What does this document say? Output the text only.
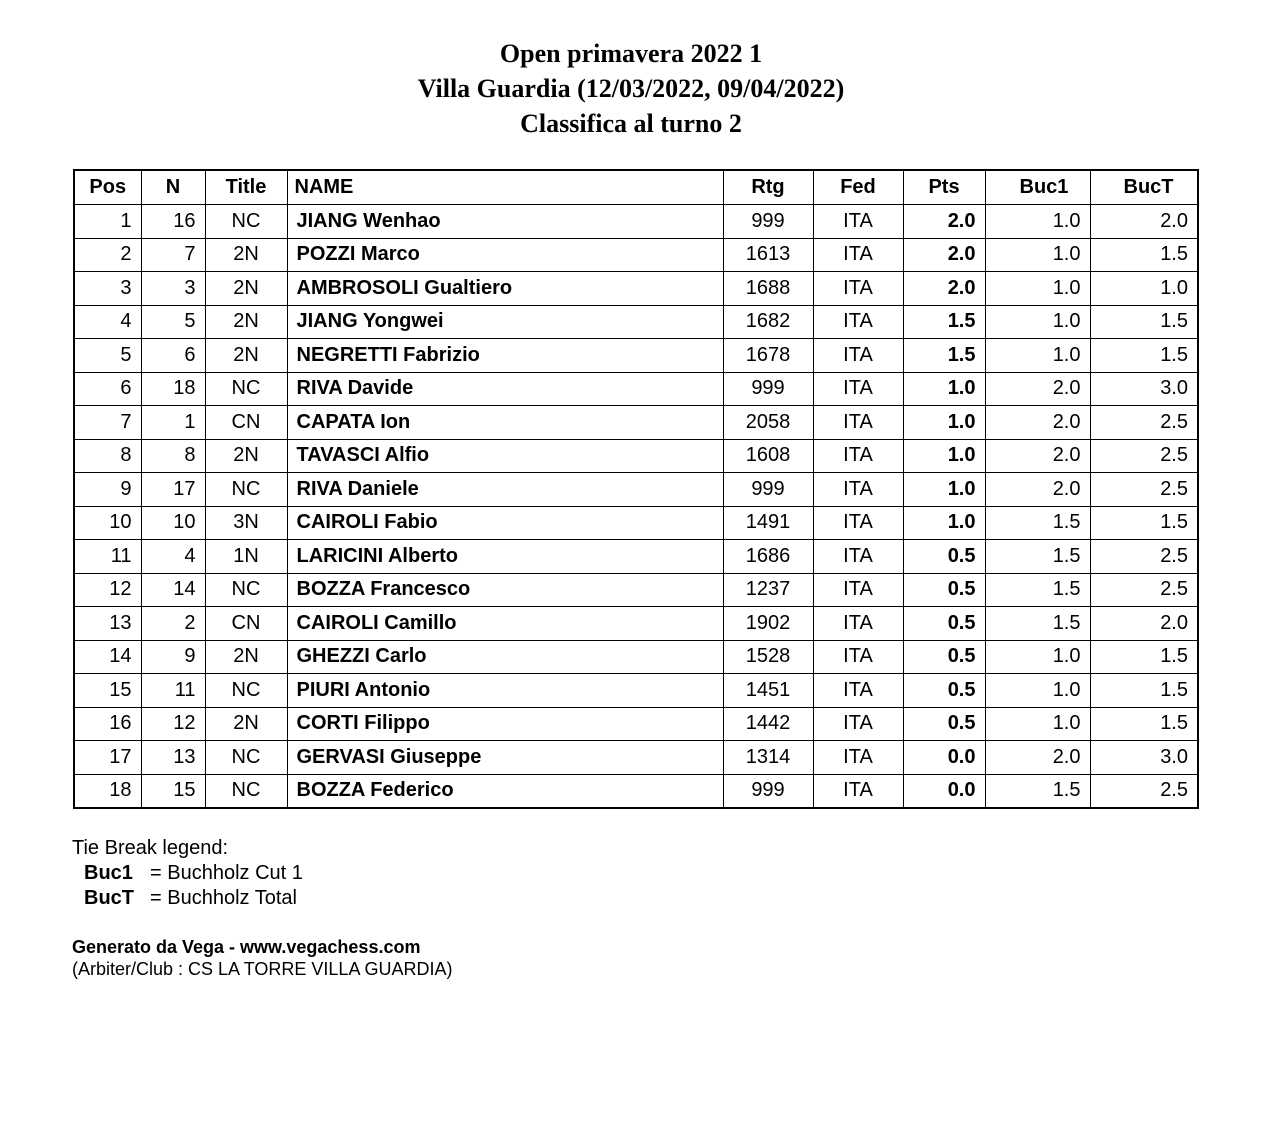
Open primavera 2022 1
Villa Guardia (12/03/2022, 09/04/2022)
Classifica al turno 2
Pos	N	Title	NAME	Rtg	Fed	Pts	Buc1	BucT
1	16	NC	JIANG Wenhao	999	ITA	2.0	1.0	2.0
2	7	2N	POZZI Marco	1613	ITA	2.0	1.0	1.5
3	3	2N	AMBROSOLI Gualtiero	1688	ITA	2.0	1.0	1.0
4	5	2N	JIANG Yongwei	1682	ITA	1.5	1.0	1.5
5	6	2N	NEGRETTI Fabrizio	1678	ITA	1.5	1.0	1.5
6	18	NC	RIVA Davide	999	ITA	1.0	2.0	3.0
7	1	CN	CAPATA Ion	2058	ITA	1.0	2.0	2.5
8	8	2N	TAVASCI Alfio	1608	ITA	1.0	2.0	2.5
9	17	NC	RIVA Daniele	999	ITA	1.0	2.0	2.5
10	10	3N	CAIROLI Fabio	1491	ITA	1.0	1.5	1.5
11	4	1N	LARICINI Alberto	1686	ITA	0.5	1.5	2.5
12	14	NC	BOZZA Francesco	1237	ITA	0.5	1.5	2.5
13	2	CN	CAIROLI Camillo	1902	ITA	0.5	1.5	2.0
14	9	2N	GHEZZI Carlo	1528	ITA	0.5	1.0	1.5
15	11	NC	PIURI Antonio	1451	ITA	0.5	1.0	1.5
16	12	2N	CORTI Filippo	1442	ITA	0.5	1.0	1.5
17	13	NC	GERVASI Giuseppe	1314	ITA	0.0	2.0	3.0
18	15	NC	BOZZA Federico	999	ITA	0.0	1.5	2.5
Tie Break legend:
Buc1 = Buchholz Cut 1
BucT = Buchholz Total
Generato da Vega - www.vegachess.com
(Arbiter/Club : CS LA TORRE VILLA GUARDIA)
